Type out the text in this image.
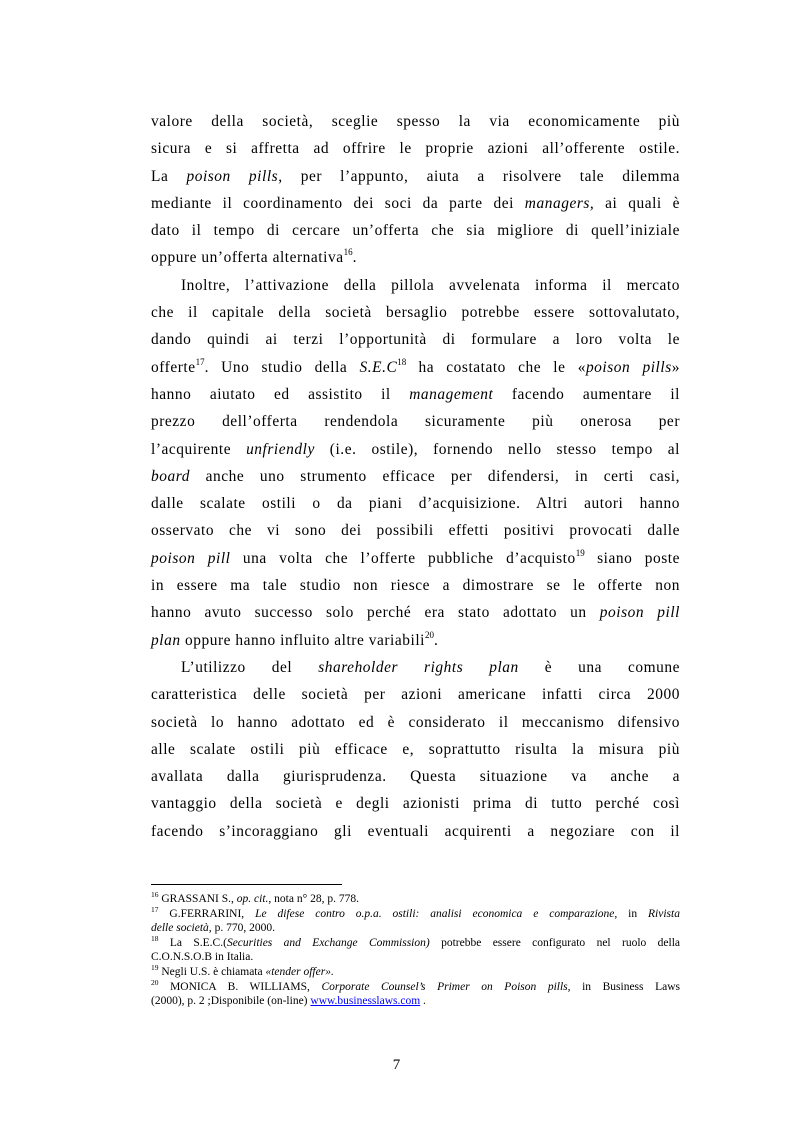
valore della società, sceglie spesso la via economicamente più
sicura e si affretta ad offrire le proprie azioni all’offerente ostile.
La poison pills, per l’appunto, aiuta a risolvere tale dilemma
mediante il coordinamento dei soci da parte dei managers, ai quali è
dato il tempo di cercare un’offerta che sia migliore di quell’iniziale
oppure un’offerta alternativa$^{16}$.
Inoltre, l’attivazione della pillola avvelenata informa il mercato
che il capitale della società bersaglio potrebbe essere sottovalutato,
dando quindi ai terzi l’opportunità di formulare a loro volta le
offerte$^{17}$. Uno studio della $S.E.C^{18}$ ha costatato che le «poison pills»
hanno aiutato ed assistito il management facendo aumentare il
prezzo dell’offerta rendendola sicuramente più onerosa per
l’acquirente unfriendly (i.e. ostile), fornendo nello stesso tempo al
board anche uno strumento efficace per difendersi, in certi casi,
dalle scalate ostili o da piani d’acquisizione. Altri autori hanno
osservato che vi sono dei possibili effetti positivi provocati dalle
poison pill una volta che l’offerte pubbliche d’acquisto$^{19}$ siano poste
in essere ma tale studio non riesce a dimostrare se le offerte non
hanno avuto successo solo perché era stato adottato un poison pill
plan oppure hanno influito altre variabili$^{20}$.
L’utilizzo del shareholder rights plan è una comune
caratteristica delle società per azioni americane infatti circa 2000
società lo hanno adottato ed è considerato il meccanismo difensivo
alle scalate ostili più efficace e, soprattutto risulta la misura più
avallata dalla giurisprudenza. Questa situazione va anche a
vantaggio della società e degli azionisti prima di tutto perché così
facendo s’incoraggiano gli eventuali acquirenti a negoziare con il
$^{16}$ GRASSANI S., op. cit., nota n° 28, p. 778.
$^{17}$ G.FERRARINI, Le difese contro o.p.a. ostili: analisi economica e comparazione, in Rivista
delle società, p. 770, 2000.
$^{18}$ La S.E.C.(Securities and Exchange Commission) potrebbe essere configurato nel ruolo della
C.O.N.S.O.B in Italia.
$^{19}$ Negli U.S. è chiamata «tender offer».
$^{20}$ MONICA B. WILLIAMS, Corporate Counsel’s Primer on Poison pills, in Business Laws
(2000), p. 2 ;Disponibile (on-line) www.businesslaws.com .
7
